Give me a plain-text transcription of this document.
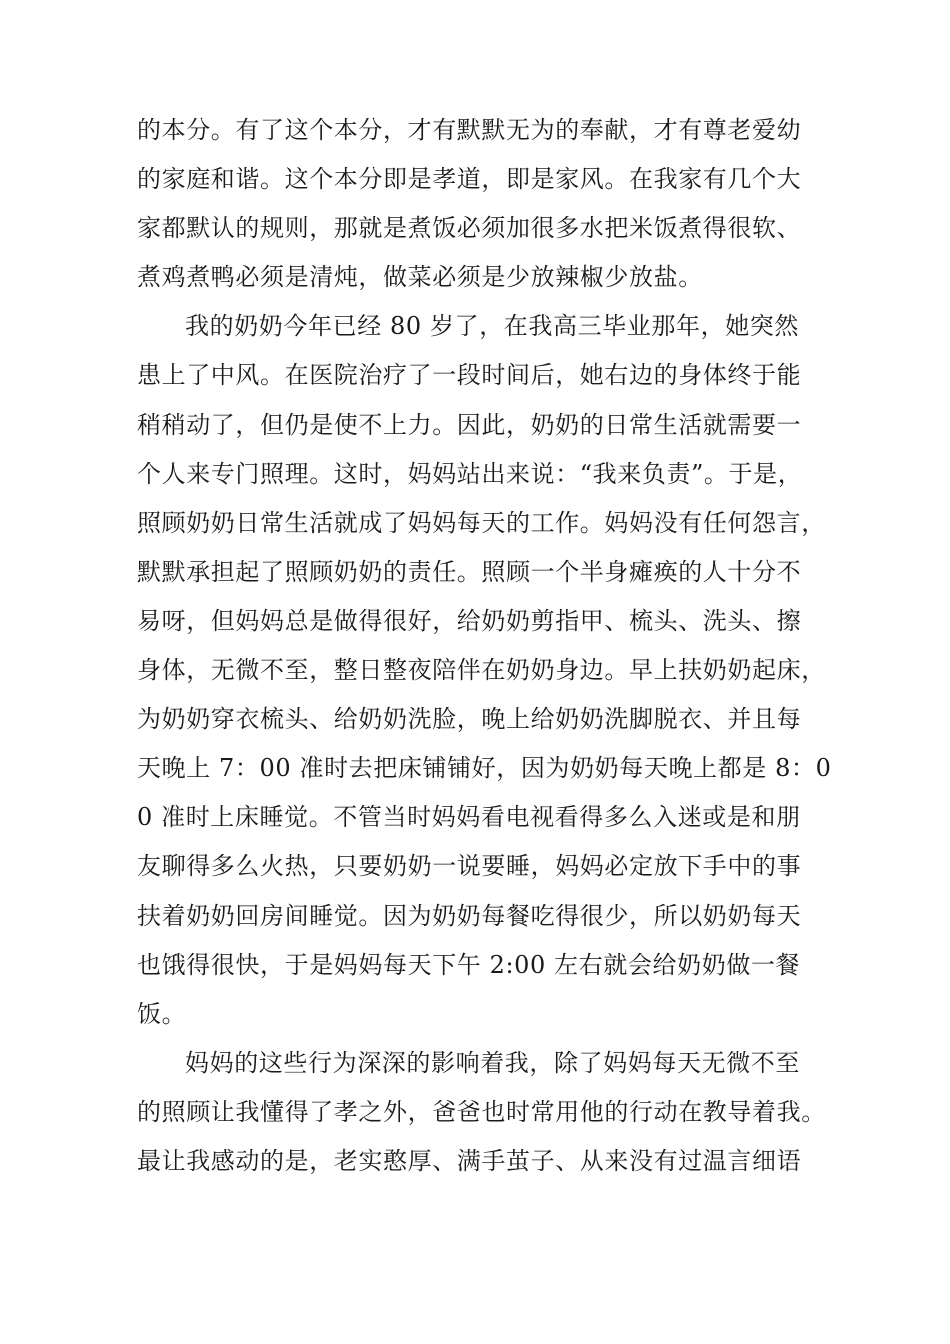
的本分。有了这个本分，才有默默无为的奉献，才有尊老爱幼
的家庭和谐。这个本分即是孝道，即是家风。在我家有几个大
家都默认的规则，那就是煮饭必须加很多水把米饭煮得很软、
煮鸡煮鸭必须是清炖，做菜必须是少放辣椒少放盐。
我的奶奶今年已经 80 岁了，在我高三毕业那年，她突然
患上了中风。在医院治疗了一段时间后，她右边的身体终于能
稍稍动了，但仍是使不上力。因此，奶奶的日常生活就需要一
个人来专门照理。这时，妈妈站出来说：“我来负责”。于是，
照顾奶奶日常生活就成了妈妈每天的工作。妈妈没有任何怨言，
默默承担起了照顾奶奶的责任。照顾一个半身瘫痪的人十分不
易呀，但妈妈总是做得很好，给奶奶剪指甲、梳头、洗头、擦
身体，无微不至，整日整夜陪伴在奶奶身边。早上扶奶奶起床，
为奶奶穿衣梳头、给奶奶洗脸，晚上给奶奶洗脚脱衣、并且每
天晚上 7：00 准时去把床铺铺好，因为奶奶每天晚上都是 8：0
0 准时上床睡觉。不管当时妈妈看电视看得多么入迷或是和朋
友聊得多么火热，只要奶奶一说要睡，妈妈必定放下手中的事
扶着奶奶回房间睡觉。因为奶奶每餐吃得很少，所以奶奶每天
也饿得很快，于是妈妈每天下午 2:00 左右就会给奶奶做一餐
饭。
妈妈的这些行为深深的影响着我，除了妈妈每天无微不至
的照顾让我懂得了孝之外，爸爸也时常用他的行动在教导着我。
最让我感动的是，老实憨厚、满手茧子、从来没有过温言细语
